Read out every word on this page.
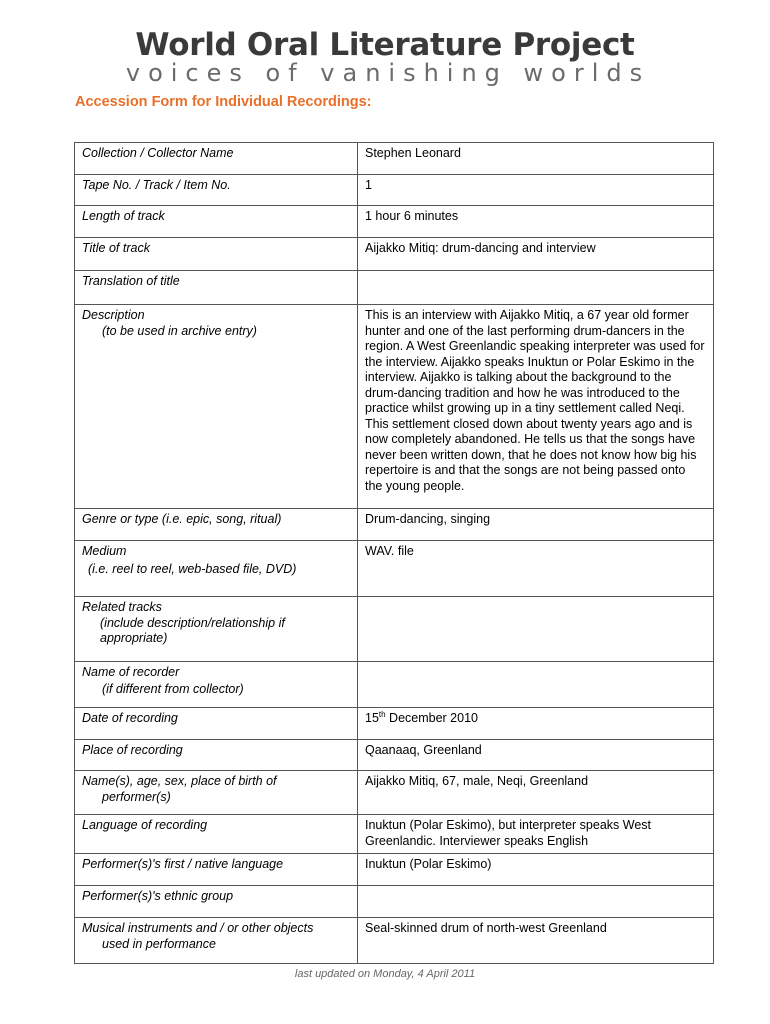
World Oral Literature Project
voices of vanishing worlds
Accession Form for Individual Recordings:
Collection / Collector Name	Stephen Leonard
Tape No. / Track / Item No.	1
Length of track	1 hour 6 minutes
Title of track	Aijakko Mitiq: drum-dancing and interview
Translation of title	
Description
(to be used in archive entry)	This is an interview with Aijakko Mitiq, a 67 year old former hunter and one of the last performing drum-dancers in the region. A West Greenlandic speaking interpreter was used for the interview. Aijakko speaks Inuktun or Polar Eskimo in the interview. Aijakko is talking about the background to the drum-dancing tradition and how he was introduced to the practice whilst growing up in a tiny settlement called Neqi. This settlement closed down about twenty years ago and is now completely abandoned. He tells us that the songs have never been written down, that he does not know how big his repertoire is and that the songs are not being passed onto the young people.
Genre or type (i.e. epic, song, ritual)	Drum-dancing, singing
Medium
(i.e. reel to reel, web-based file, DVD)	WAV. file
Related tracks
(include description/relationship if appropriate)	

Name of recorder
(if different from collector)	

Date of recording	15th December 2010
Place of recording	Qaanaaq, Greenland
Name(s), age, sex, place of birth of
performer(s)	Aijakko Mitiq, 67, male, Neqi, Greenland
Language of recording	Inuktun (Polar Eskimo), but interpreter speaks West Greenlandic. Interviewer speaks English
Performer(s)'s first / native language	Inuktun (Polar Eskimo)
Performer(s)'s ethnic group	
Musical instruments and / or other objects
used in performance	Seal-skinned drum of north-west Greenland
last updated on Monday, 4 April 2011
